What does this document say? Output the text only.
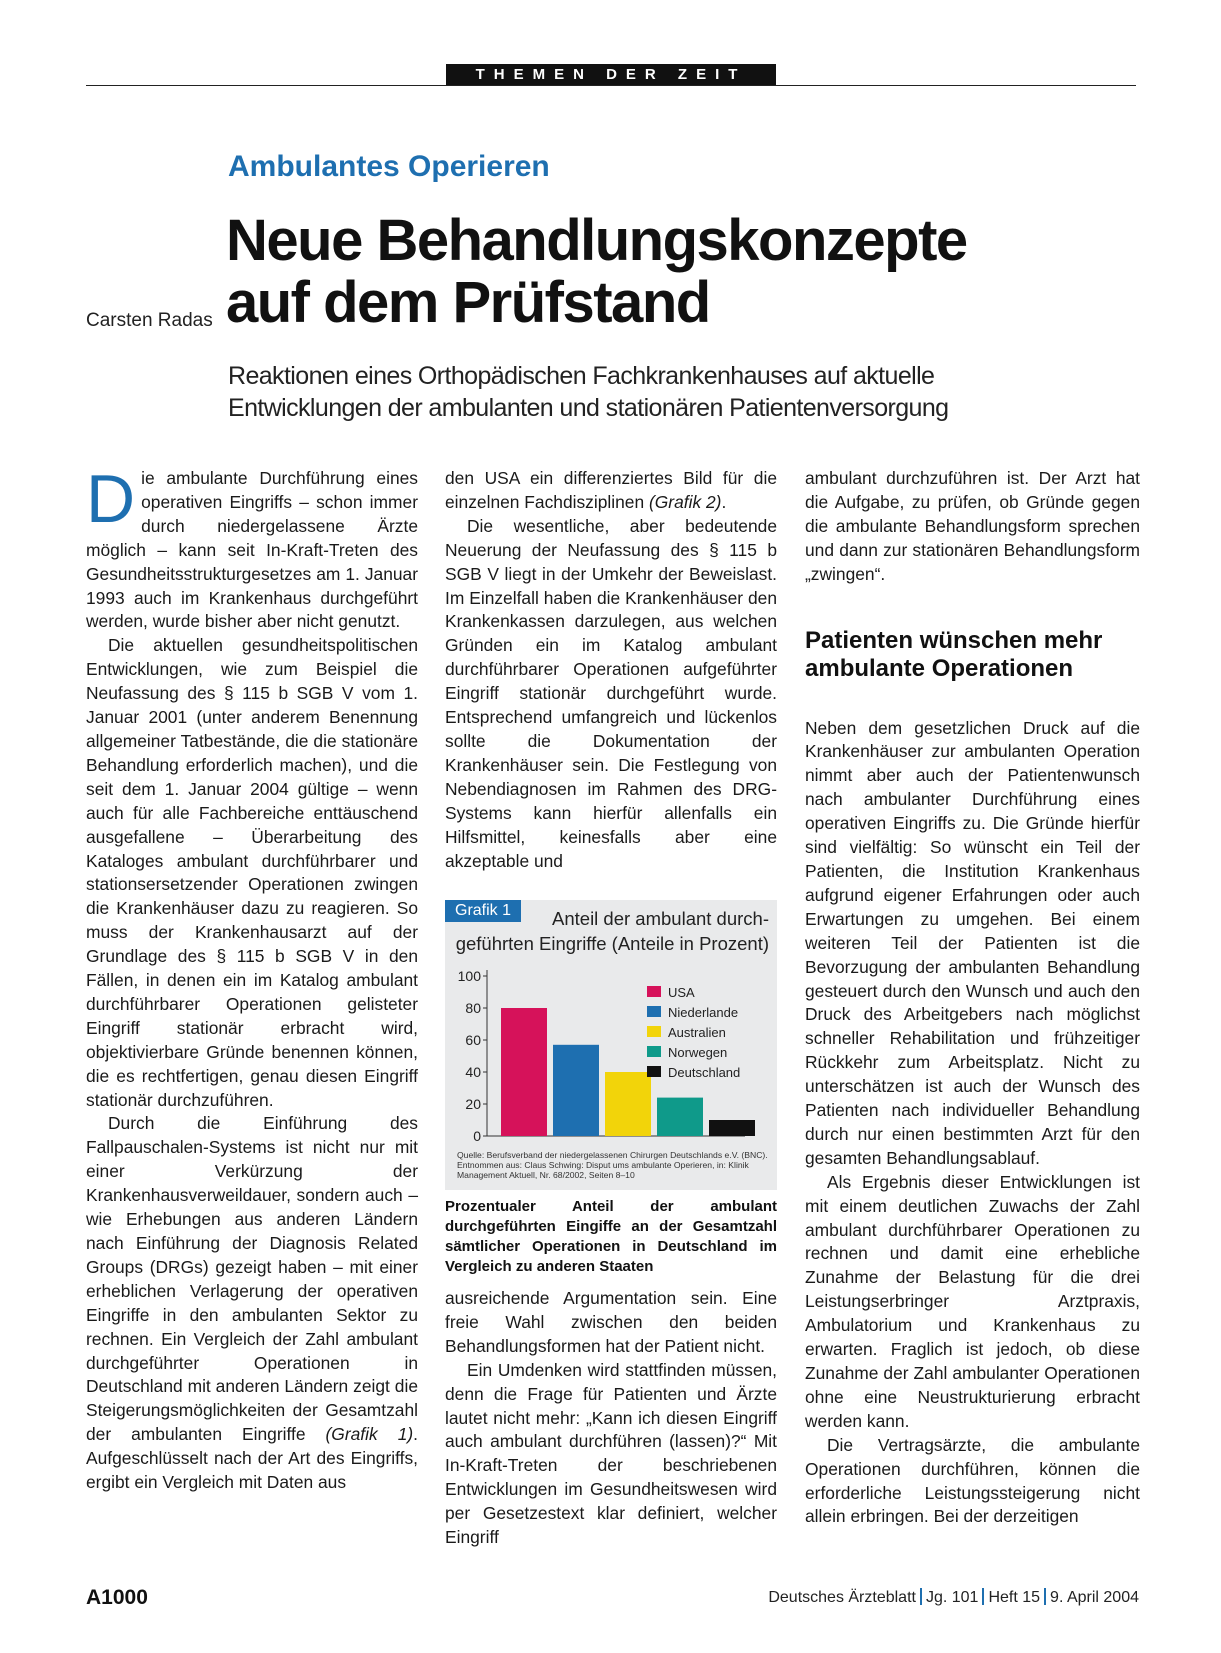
THEMEN DER ZEIT
Ambulantes Operieren
Neue Behandlungskonzepte
auf dem Prüfstand
Carsten Radas
Reaktionen eines Orthopädischen Fachkrankenhauses auf aktuelle
Entwicklungen der ambulanten und stationären Patientenversorgung

Die ambulante Durchführung eines operativen Eingriffs – schon immer durch niedergelassene Ärzte möglich – kann seit In-Kraft-Treten des Gesundheitsstrukturgesetzes am 1. Januar 1993 auch im Krankenhaus durchgeführt werden, wurde bisher aber nicht genutzt.

Die aktuellen gesundheitspolitischen Entwicklungen, wie zum Beispiel die Neufassung des § 115 b SGB V vom 1. Januar 2001 (unter anderem Benennung allgemeiner Tatbestände, die die stationäre Behandlung erforderlich machen), und die seit dem 1. Januar 2004 gültige – wenn auch für alle Fachbereiche enttäuschend ausgefallene – Überarbeitung des Kataloges ambulant durchführbarer und stationsersetzender Operationen zwingen die Krankenhäuser dazu zu reagieren. So muss der Krankenhausarzt auf der Grundlage des § 115 b SGB V in den Fällen, in denen ein im Katalog ambulant durchführbarer Operationen gelisteter Eingriff stationär erbracht wird, objektivierbare Gründe benennen können, die es rechtfertigen, genau diesen Eingriff stationär durchzuführen.

Durch die Einführung des Fallpauschalen-Systems ist nicht nur mit einer Verkürzung der Krankenhausverweildauer, sondern auch – wie Erhebungen aus anderen Ländern nach Einführung der Diagnosis Related Groups (DRGs) gezeigt haben – mit einer erheblichen Verlagerung der operativen Eingriffe in den ambulanten Sektor zu rechnen. Ein Vergleich der Zahl ambulant durchgeführter Operationen in Deutschland mit anderen Ländern zeigt die Steigerungsmöglichkeiten der Gesamtzahl der ambulanten Eingriffe (Grafik 1). Aufgeschlüsselt nach der Art des Eingriffs, ergibt ein Vergleich mit Daten aus

den USA ein differenziertes Bild für die einzelnen Fachdisziplinen (Grafik 2).

Die wesentliche, aber bedeutende Neuerung der Neufassung des § 115 b SGB V liegt in der Umkehr der Beweislast. Im Einzelfall haben die Krankenhäuser den Krankenkassen darzulegen, aus welchen Gründen ein im Katalog ambulant durchführbarer Operationen aufgeführter Eingriff stationär durchgeführt wurde. Entsprechend umfangreich und lückenlos sollte die Dokumentation der Krankenhäuser sein. Die Festlegung von Nebendiagnosen im Rahmen des DRG-Systems kann hierfür allenfalls ein Hilfsmittel, keinesfalls aber eine akzeptable und

0
20
40
60
80
100
USA
Niederlande
Australien
Norwegen
Deutschland
Grafik 1	Anteil der ambulant durch-
geführten Eingriffe (Anteile in Prozent)
Quelle: Berufsverband der niedergelassenen Chirurgen Deutschlands e.V. (BNC). Entnommen aus: Claus Schwing: Disput ums ambulante Operieren, in: Klinik Management Aktuell, Nr. 68/2002, Seiten 8–10
Prozentualer Anteil der ambulant durchgeführten Eingiffe an der Gesamtzahl sämtlicher Operationen in Deutschland im Vergleich zu anderen Staaten

ausreichende Argumentation sein. Eine freie Wahl zwischen den beiden Behandlungsformen hat der Patient nicht.

Ein Umdenken wird stattfinden müssen, denn die Frage für Patienten und Ärzte lautet nicht mehr: „Kann ich diesen Eingriff auch ambulant durchführen (lassen)?“ Mit In-Kraft-Treten der beschriebenen Entwicklungen im Gesundheitswesen wird per Gesetzestext klar definiert, welcher Eingriff

ambulant durchzuführen ist. Der Arzt hat die Aufgabe, zu prüfen, ob Gründe gegen die ambulante Behandlungsform sprechen und dann zur stationären Behandlungsform „zwingen“.

Patienten wünschen mehr ambulante Operationen

Neben dem gesetzlichen Druck auf die Krankenhäuser zur ambulanten Operation nimmt aber auch der Patientenwunsch nach ambulanter Durchführung eines operativen Eingriffs zu. Die Gründe hierfür sind vielfältig: So wünscht ein Teil der Patienten, die Institution Krankenhaus aufgrund eigener Erfahrungen oder auch Erwartungen zu umgehen. Bei einem weiteren Teil der Patienten ist die Bevorzugung der ambulanten Behandlung gesteuert durch den Wunsch und auch den Druck des Arbeitgebers nach möglichst schneller Rehabilitation und frühzeitiger Rückkehr zum Arbeitsplatz. Nicht zu unterschätzen ist auch der Wunsch des Patienten nach individueller Behandlung durch nur einen bestimmten Arzt für den gesamten Behandlungsablauf.

Als Ergebnis dieser Entwicklungen ist mit einem deutlichen Zuwachs der Zahl ambulant durchführbarer Operationen zu rechnen und damit eine erhebliche Zunahme der Belastung für die drei Leistungserbringer Arztpraxis, Ambulatorium und Krankenhaus zu erwarten. Fraglich ist jedoch, ob diese Zunahme der Zahl ambulanter Operationen ohne eine Neustrukturierung erbracht werden kann.

Die Vertragsärzte, die ambulante Operationen durchführen, können die erforderliche Leistungssteigerung nicht allein erbringen. Bei der derzeitigen

A1000	Deutsches Ärzteblatt Jg. 101 Heft 15 9. April 2004
